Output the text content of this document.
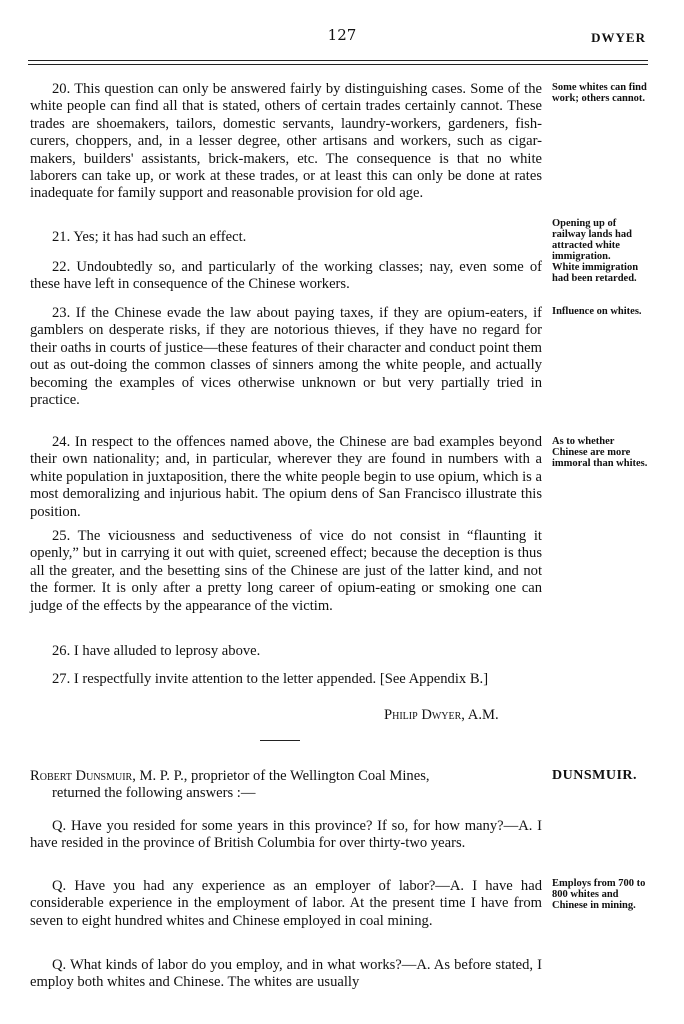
127	DWYER

20. This question can only be answered fairly by distinguishing cases. Some of the white people can find all that is stated, others of certain trades certainly cannot. These trades are shoemakers, tailors, domestic servants, laundry-workers, gardeners, fish-curers, choppers, and, in a lesser degree, other artisans and workers, such as cigar-makers, builders' assistants, brick-makers, etc. The consequence is that no white laborers can take up, or work at these trades, or at least this can only be done at rates inadequate for family support and reasonable provision for old age.

21. Yes; it has had such an effect.

22. Undoubtedly so, and particularly of the working classes; nay, even some of these have left in consequence of the Chinese workers.

23. If the Chinese evade the law about paying taxes, if they are opium-eaters, if gamblers on desperate risks, if they are notorious thieves, if they have no regard for their oaths in courts of justice—these features of their character and conduct point them out as out-doing the common classes of sinners among the white people, and actually becoming the examples of vices otherwise unknown or but very partially tried in practice.

24. In respect to the offences named above, the Chinese are bad examples beyond their own nationality; and, in particular, wherever they are found in numbers with a white population in juxtaposition, there the white people begin to use opium, which is a most demoralizing and injurious habit. The opium dens of San Francisco illustrate this position.

25. The viciousness and seductiveness of vice do not consist in “flaunting it openly,” but in carrying it out with quiet, screened effect; because the deception is thus all the greater, and the besetting sins of the Chinese are just of the latter kind, and not the former. It is only after a pretty long career of opium-eating or smoking one can judge of the effects by the appearance of the victim.

26. I have alluded to leprosy above.

27. I respectfully invite attention to the letter appended. [See Appendix B.]

Philip Dwyer, A.M.
Some whites can find work; others cannot.
Opening up of railway lands had attracted white immigration.
White immigration had been retarded.
Influence on whites.
As to whether Chinese are more immoral than whites.
Employs from 700 to 800 whites and Chinese in mining.
DUNSMUIR.
Robert Dunsmuir, M. P. P., proprietor of the Wellington Coal Mines,
returned the following answers :—

Q. Have you resided for some years in this province? If so, for how many?—A. I have resided in the province of British Columbia for over thirty-two years.

Q. Have you had any experience as an employer of labor?—A. I have had considerable experience in the employment of labor. At the present time I have from seven to eight hundred whites and Chinese employed in coal mining.

Q. What kinds of labor do you employ, and in what works?—A. As before stated, I employ both whites and Chinese. The whites are usually
